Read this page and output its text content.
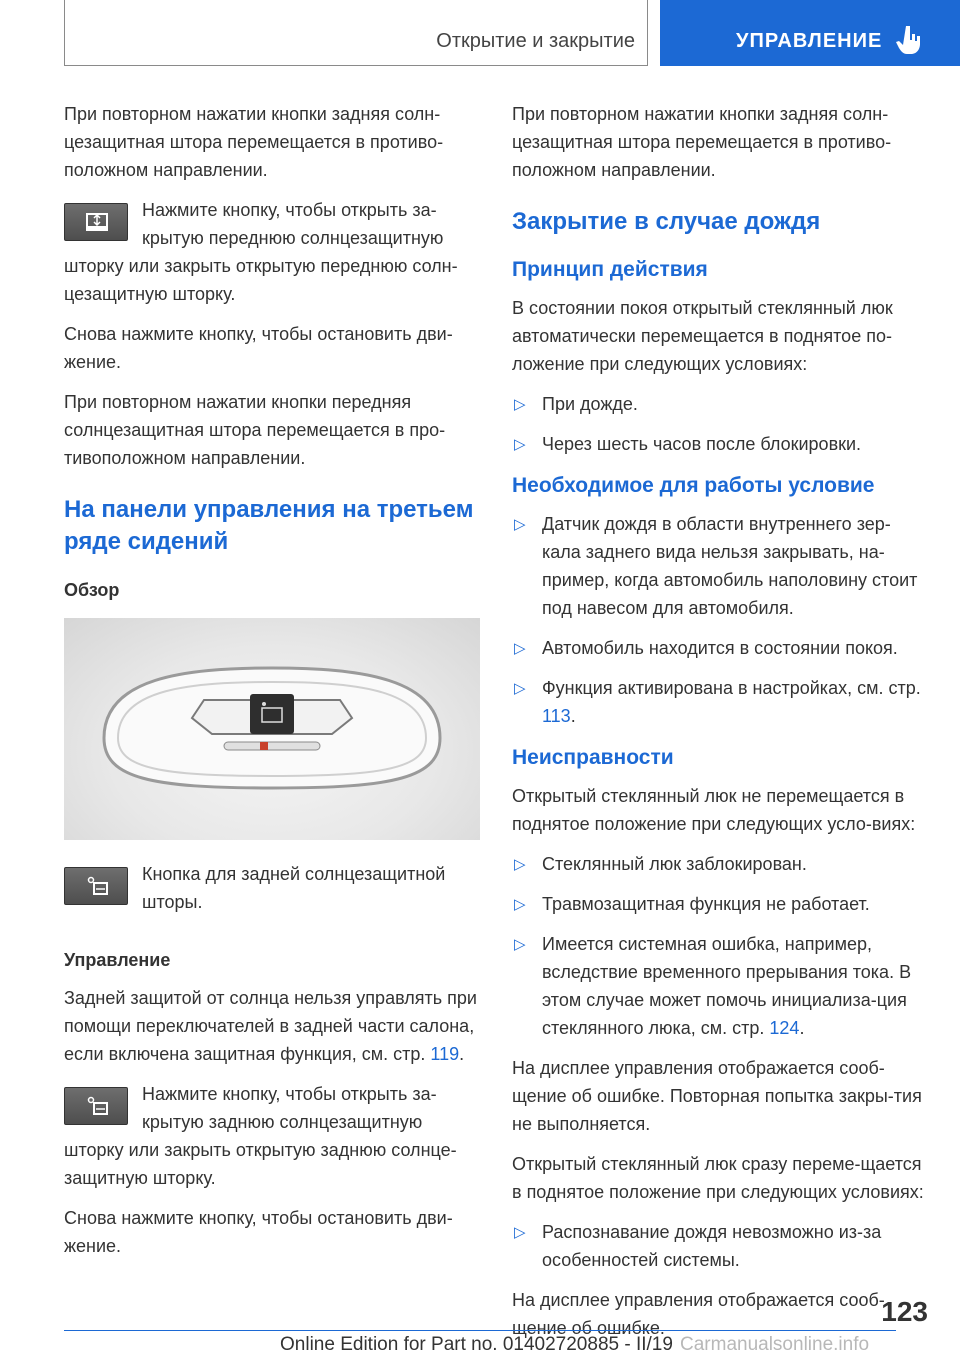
Открытие и закрытие	УПРАВЛЕНИЕ

При повторном нажатии кнопки задняя солн-цезащитная штора перемещается в противо-положном направлении.

Нажмите кнопку, чтобы открыть за-крытую переднюю солнцезащитную шторку или закрыть открытую переднюю солн-цезащитную шторку.

Снова нажмите кнопку, чтобы остановить дви-жение.

При повторном нажатии кнопки передняя солнцезащитная штора перемещается в про-тивоположном направлении.

На панели управления на третьем ряде сидений
Обзор

Кнопка для задней солнцезащитной шторы.

Управление

Задней защитой от солнца нельзя управлять при помощи переключателей в задней части салона, если включена защитная функция, см. стр. 119.

Нажмите кнопку, чтобы открыть за-крытую заднюю солнцезащитную шторку или закрыть открытую заднюю солнце-защитную шторку.

Снова нажмите кнопку, чтобы остановить дви-жение.

При повторном нажатии кнопки задняя солн-цезащитная штора перемещается в противо-положном направлении.

Закрытие в случае дождя
Принцип действия

В состоянии покоя открытый стеклянный люк автоматически перемещается в поднятое по-ложение при следующих условиях:

▷ При дожде.
▷ Через шесть часов после блокировки.
Необходимое для работы условие
▷ Датчик дождя в области внутреннего зер-кала заднего вида нельзя закрывать, на-пример, когда автомобиль наполовину стоит под навесом для автомобиля.
▷ Автомобиль находится в состоянии покоя.
▷ Функция активирована в настройках, см. стр. 113.
Неисправности

Открытый стеклянный люк не перемещается в поднятое положение при следующих усло-виях:

▷ Стеклянный люк заблокирован.
▷ Травмозащитная функция не работает.
▷ Имеется системная ошибка, например, вследствие временного прерывания тока. В этом случае может помочь инициализа-ция стеклянного люка, см. стр. 124.

На дисплее управления отображается сооб-щение об ошибке. Повторная попытка закры-тия не выполняется.

Открытый стеклянный люк сразу переме-щается в поднятое положение при следующих условиях:

▷ Распознавание дождя невозможно из-за особенностей системы.

На дисплее управления отображается сооб-щение об ошибке.

123
Online Edition for Part no. 01402720885 - II/19 Carmanualsonline.info
